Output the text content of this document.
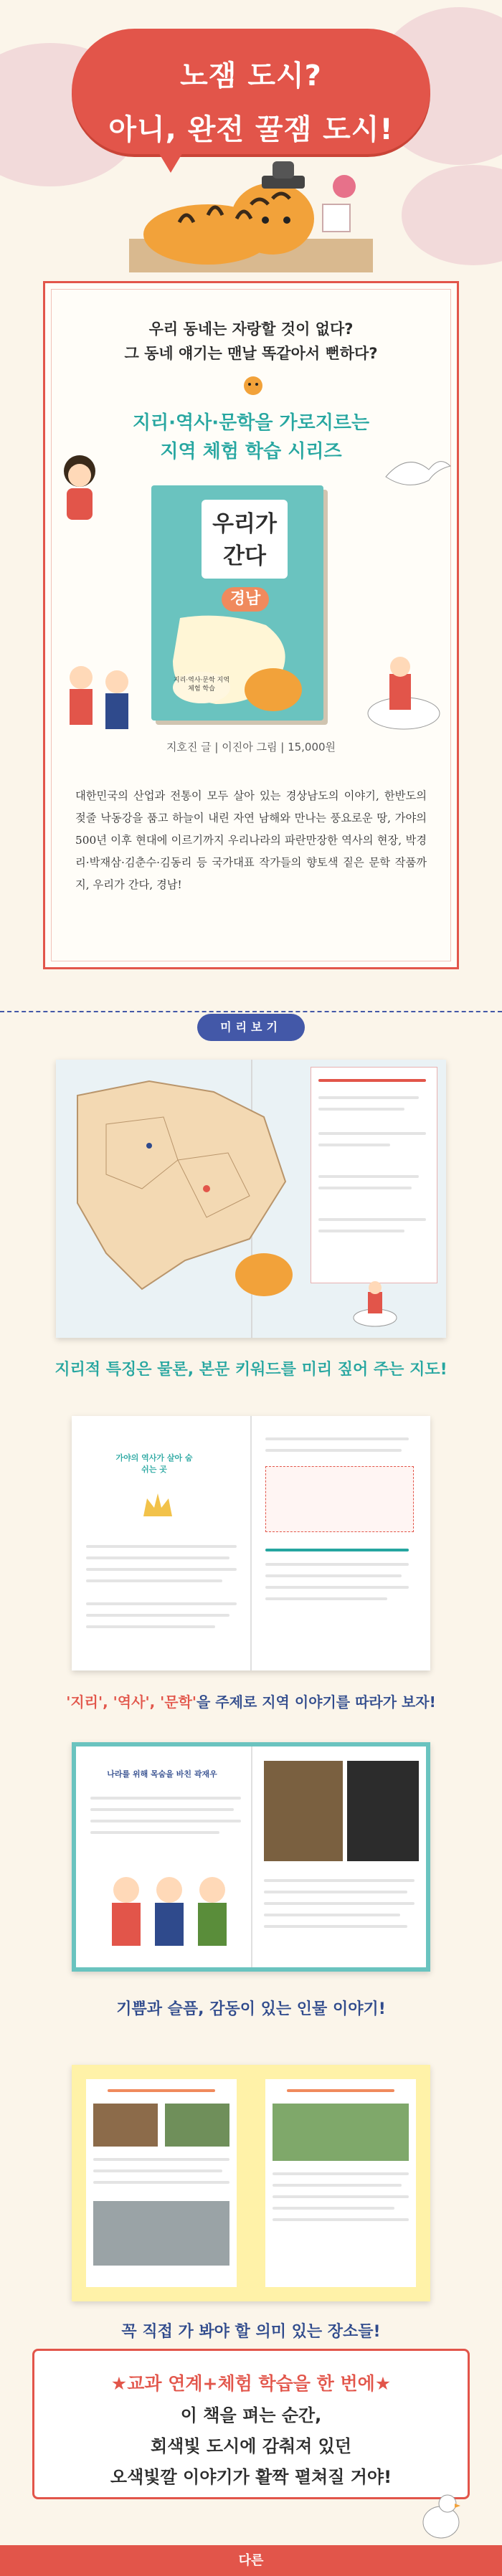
노잼 도시?
아니, 완전 꿀잼 도시!
우리 동네는 자랑할 것이 없다?
그 동네 얘기는 맨날 똑같아서 뻔하다?
지리·역사·문학을 가로지르는
지역 체험 학습 시리즈
우리가
간다
경남
지리·역사·문학 지역 체험 학습
지호진 글 | 이진아 그림 | 15,000원
대한민국의 산업과 전통이 모두 살아 있는 경상남도의 이야기, 한반도의 젖줄 낙동강을 품고 하늘이 내린 자연 남해와 만나는 풍요로운 땅, 가야의 500년 이후 현대에 이르기까지 우리나라의 파란만장한 역사의 현장, 박경리·박재삼·김춘수·김동리 등 국가대표 작가들의 향토색 짙은 문학 작품까지, 우리가 간다, 경남!
미리보기
지리적 특징은 물론, 본문 키워드를 미리 짚어 주는 지도!
가야의 역사가 살아 숨쉬는 곳
'지리', '역사', '문학'을 주제로 지역 이야기를 따라가 보자!
나라를 위해 목숨을 바친 곽재우
기쁨과 슬픔, 감동이 있는 인물 이야기!
꼭 직접 가 봐야 할 의미 있는 장소들!
★교과 연계+체험 학습을 한 번에★
이 책을 펴는 순간,
회색빛 도시에 감춰져 있던
오색빛깔 이야기가 활짝 펼쳐질 거야!
다른
